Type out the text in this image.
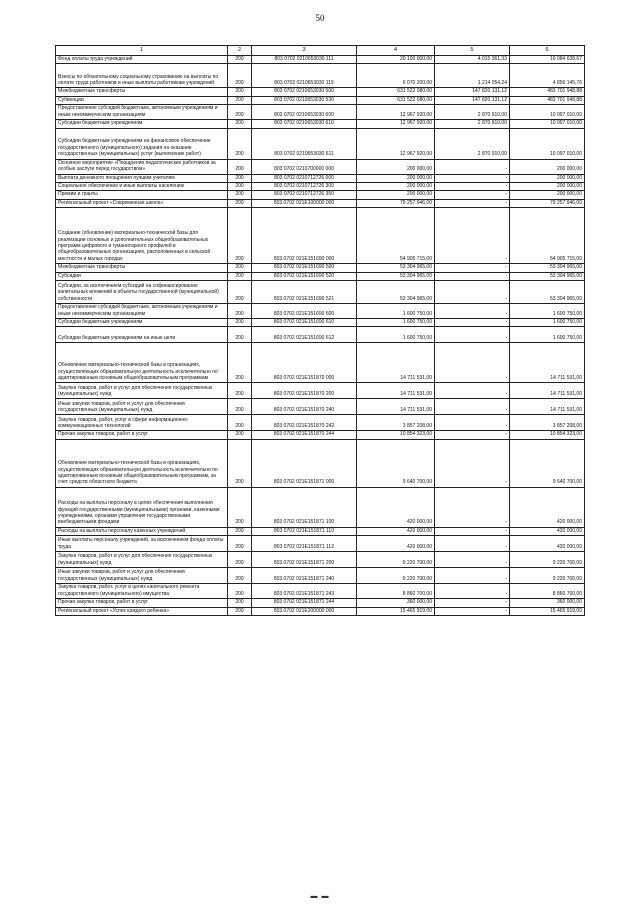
50
1	2	3	4	5	6
Фонд оплаты труда учреждений	200	803 0702 0210653030 111	20 100 000,00	4 015 361,33	16 084 638,67
Взносы по обязательному социальному страхованию на выплаты по оплате труда работников и иные выплаты работникам учреждений	200	803 0702 0210653030 119	6 070 200,00	1 214 054,24	4 856 145,76
Межбюджетные трансферты	200	803 0702 0210653030 500	631 522 080,00	147 820 131,12	483 701 948,88
Субвенции	200	803 0702 0210653030 530	631 522 080,00	147 820 131,12	483 701 948,88
Предоставление субсидий бюджетным, автономным учреждениям и иным некоммерческим организациям	200	803 0702 0210653030 600	12 967 920,00	2 870 910,00	10 097 010,00
Субсидии бюджетным учреждениям	200	803 0702 0210653030 610	12 967 920,00	2 870 910,00	10 097 010,00
Субсидии бюджетным учреждениям на финансовое обеспечение государственного (муниципального) задания на оказание государственных (муниципальных) услуг (выполнение работ)	200	803 0702 0210653030 611	12 967 920,00	2 870 910,00	10 097 010,00
Основное мероприятие «Поощрение педагогических работников за особые заслуги перед государством»	200	803 0702 0210700000 000	200 000,00	-	200 000,00
Выплата денежного поощрения лучшим учителям	200	803 0702 0210712726 000	200 000,00	-	200 000,00
Социальное обеспечение и иные выплаты населению	200	803 0702 0210712726 300	200 000,00	-	200 000,00
Премии и гранты	200	803 0702 0210712726 350	200 000,00	-	200 000,00
Региональный проект «Современная школа»	200	803 0702 021E100000 000	79 257 946,00	-	79 257 946,00
Создание (обновление) материально-технической базы для реализации основных и дополнительных общеобразовательных программ цифрового и гуманитарного профилей в общеобразовательных организациях, расположенных в сельской местности и малых городах	200	803 0702 021E151690 000	54 905 715,00	-	54 905 715,00
Межбюджетные трансферты	200	803 0702 021E151690 500	53 304 965,00	-	53 304 965,00
Субсидии	200	803 0702 021E151690 520	53 304 965,00	-	53 304 965,00
Субсидии, за исключением субсидий на софинансирование капитальных вложений в объекты государственной (муниципальной) собственности	200	803 0702 021E151690 521	53 304 965,00	-	53 304 965,00
Предоставление субсидий бюджетным, автономным учреждениям и иным некоммерческим организациям	200	803 0702 021E151690 600	1 600 750,00	-	1 600 750,00
Субсидии бюджетным учреждениям	200	803 0702 021E151690 610	1 600 750,00	-	1 600 750,00
Субсидии бюджетным учреждениям на иные цели	200	803 0702 021E151690 612	1 600 750,00	-	1 600 750,00
Обновление материально-технической базы в организациях, осуществляющих образовательную деятельность исключительно по адаптированным основным общеобразовательным программам	200	803 0702 021E151870 000	14 711 531,00	-	14 711 531,00
Закупка товаров, работ и услуг для обеспечения государственных (муниципальных) нужд	200	803 0702 021E151870 200	14 711 531,00	-	14 711 531,00
Иные закупки товаров, работ и услуг для обеспечения государственных (муниципальных) нужд	200	803 0702 021E151870 240	14 711 531,00	-	14 711 531,00
Закупка товаров, работ, услуг в сфере информационно-коммуникационных технологий	200	803 0702 021E151870 242	3 857 208,00	-	3 857 208,00
Прочая закупка товаров, работ и услуг	200	803 0702 021E151870 244	10 854 323,00	-	10 854 323,00
Обновление материально-технической базы в организациях, осуществляющих образовательную деятельность исключительно по адаптированным основным общеобразовательным программам, за счет средств областного бюджета	200	803 0702 021E151871 000	9 640 700,00	-	9 640 700,00
Расходы на выплаты персоналу в целях обеспечения выполнения функций государственными (муниципальными) органами, казенными учреждениями, органами управления государственными внебюджетными фондами	200	803 0702 021E151871 100	420 000,00	-	420 000,00
Расходы на выплаты персоналу казенных учреждений	200	803 0702 021E151871 110	420 000,00	-	420 000,00
Иные выплаты персоналу учреждений, за исключением фонда оплаты труда	200	803 0702 021E151871 112	420 000,00	-	420 000,00
Закупка товаров, работ и услуг для обеспечения государственных (муниципальных) нужд	200	803 0702 021E151871 200	9 220 700,00	-	9 220 700,00
Иные закупки товаров, работ и услуг для обеспечения государственных (муниципальных) нужд	200	803 0702 021E151871 240	9 220 700,00	-	9 220 700,00
Закупка товаров, работ, услуг в целях капитального ремонта государственного (муниципального) имущества	200	803 0702 021E151871 243	8 860 700,00	-	8 860 700,00
Прочая закупка товаров, работ и услуг	200	803 0702 021E151871 244	360 000,00	-	360 000,00
Региональный проект «Успех каждого ребенка»	200	803 0702 021E200000 000	15 465 919,00	-	15 465 919,00
▬ ▬
